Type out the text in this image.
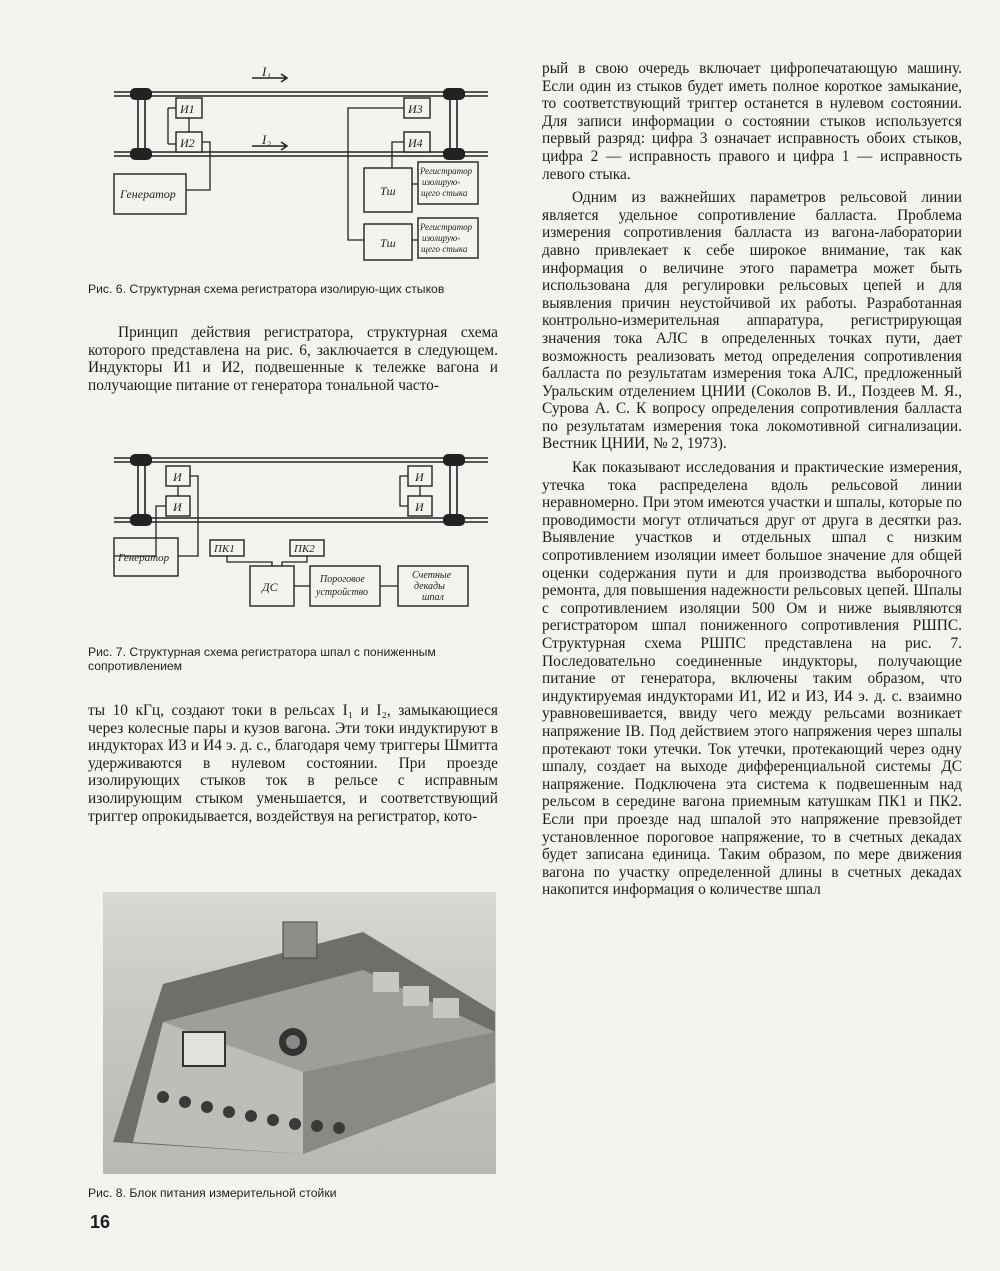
I₁
I₂
И1
И2
И3
И4
Генератор	Тш
Тш
Регистратор
изолирую-
щего стыка
Регистратор
изолирую-
щего стыка

Рис. 6. Структурная схема регистратора изолирую-щих стыков

Принцип действия регистратора, структурная схема которого представлена на рис. 6, заключается в следующем. Индукторы И1 и И2, подвешенные к тележке вагона и получающие питание от генератора тональной часто-

И
И
И
И
Генератор
ПК1	ПК2
ДС
Пороговое
устройство
Счетные
декады
шпал

Рис. 7. Структурная схема регистратора шпал с пониженным сопротивлением

ты 10 кГц, создают токи в рельсах I₁ и I₂, замыкающиеся через колесные пары и кузов вагона. Эти токи индуктируют в индукторах И3 и И4 э. д. с., благодаря чему триггеры Шмитта удерживаются в нулевом состоянии. При проезде изолирующих стыков ток в рельсе с исправным изолирующим стыком уменьшается, и соответствующий триггер опрокидывается, воздействуя на регистратор, кото-

Рис. 8. Блок питания измерительной стойки

рый в свою очередь включает цифропечатающую машину. Если один из стыков будет иметь полное короткое замыкание, то соответствующий триггер останется в нулевом состоянии. Для записи информации о состоянии стыков используется первый разряд: цифра 3 означает исправность обоих стыков, цифра 2 — исправность правого и цифра 1 — исправность левого стыка.

Одним из важнейших параметров рельсовой линии является удельное сопротивление балласта. Проблема измерения сопротивления балласта из вагона-лаборатории давно привлекает к себе широкое внимание, так как информация о величине этого параметра может быть использована для регулировки рельсовых цепей и для выявления причин неустойчивой их работы. Разработанная контрольно-измерительная аппаратура, регистрирующая значения тока АЛС в определенных точках пути, дает возможность реализовать метод определения сопротивления балласта по результатам измерения тока АЛС, предложенный Уральским отделением ЦНИИ (Соколов В. И., Поздеев М. Я., Сурова А. С. К вопросу определения сопротивления балласта по результатам измерения тока локомотивной сигнализации. Вестник ЦНИИ, № 2, 1973).

Как показывают исследования и практические измерения, утечка тока распределена вдоль рельсовой линии неравномерно. При этом имеются участки и шпалы, которые по проводимости могут отличаться друг от друга в десятки раз. Выявление участков и отдельных шпал с низким сопротивлением изоляции имеет большое значение для общей оценки содержания пути и для производства выборочного ремонта, для повышения надежности рельсовых цепей. Шпалы с сопротивлением изоляции 500 Ом и ниже выявляются регистратором шпал пониженного сопротивления РШПС. Структурная схема РШПС представлена на рис. 7. Последовательно соединенные индукторы, получающие питание от генератора, включены таким образом, что индуктируемая индукторами И1, И2 и И3, И4 э. д. с. взаимно уравновешивается, ввиду чего между рельсами возникает напряжение IВ. Под действием этого напряжения через шпалы протекают токи утечки. Ток утечки, протекающий через одну шпалу, создает на выходе дифференциальной системы ДС напряжение. Подключена эта система к подвешенным над рельсом в середине вагона приемным катушкам ПК1 и ПК2. Если при проезде над шпалой это напряжение превзойдет установленное пороговое напряжение, то в счетных декадах будет записана единица. Таким образом, по мере движения вагона по участку определенной длины в счетных декадах накопится информация о количестве шпал

16
